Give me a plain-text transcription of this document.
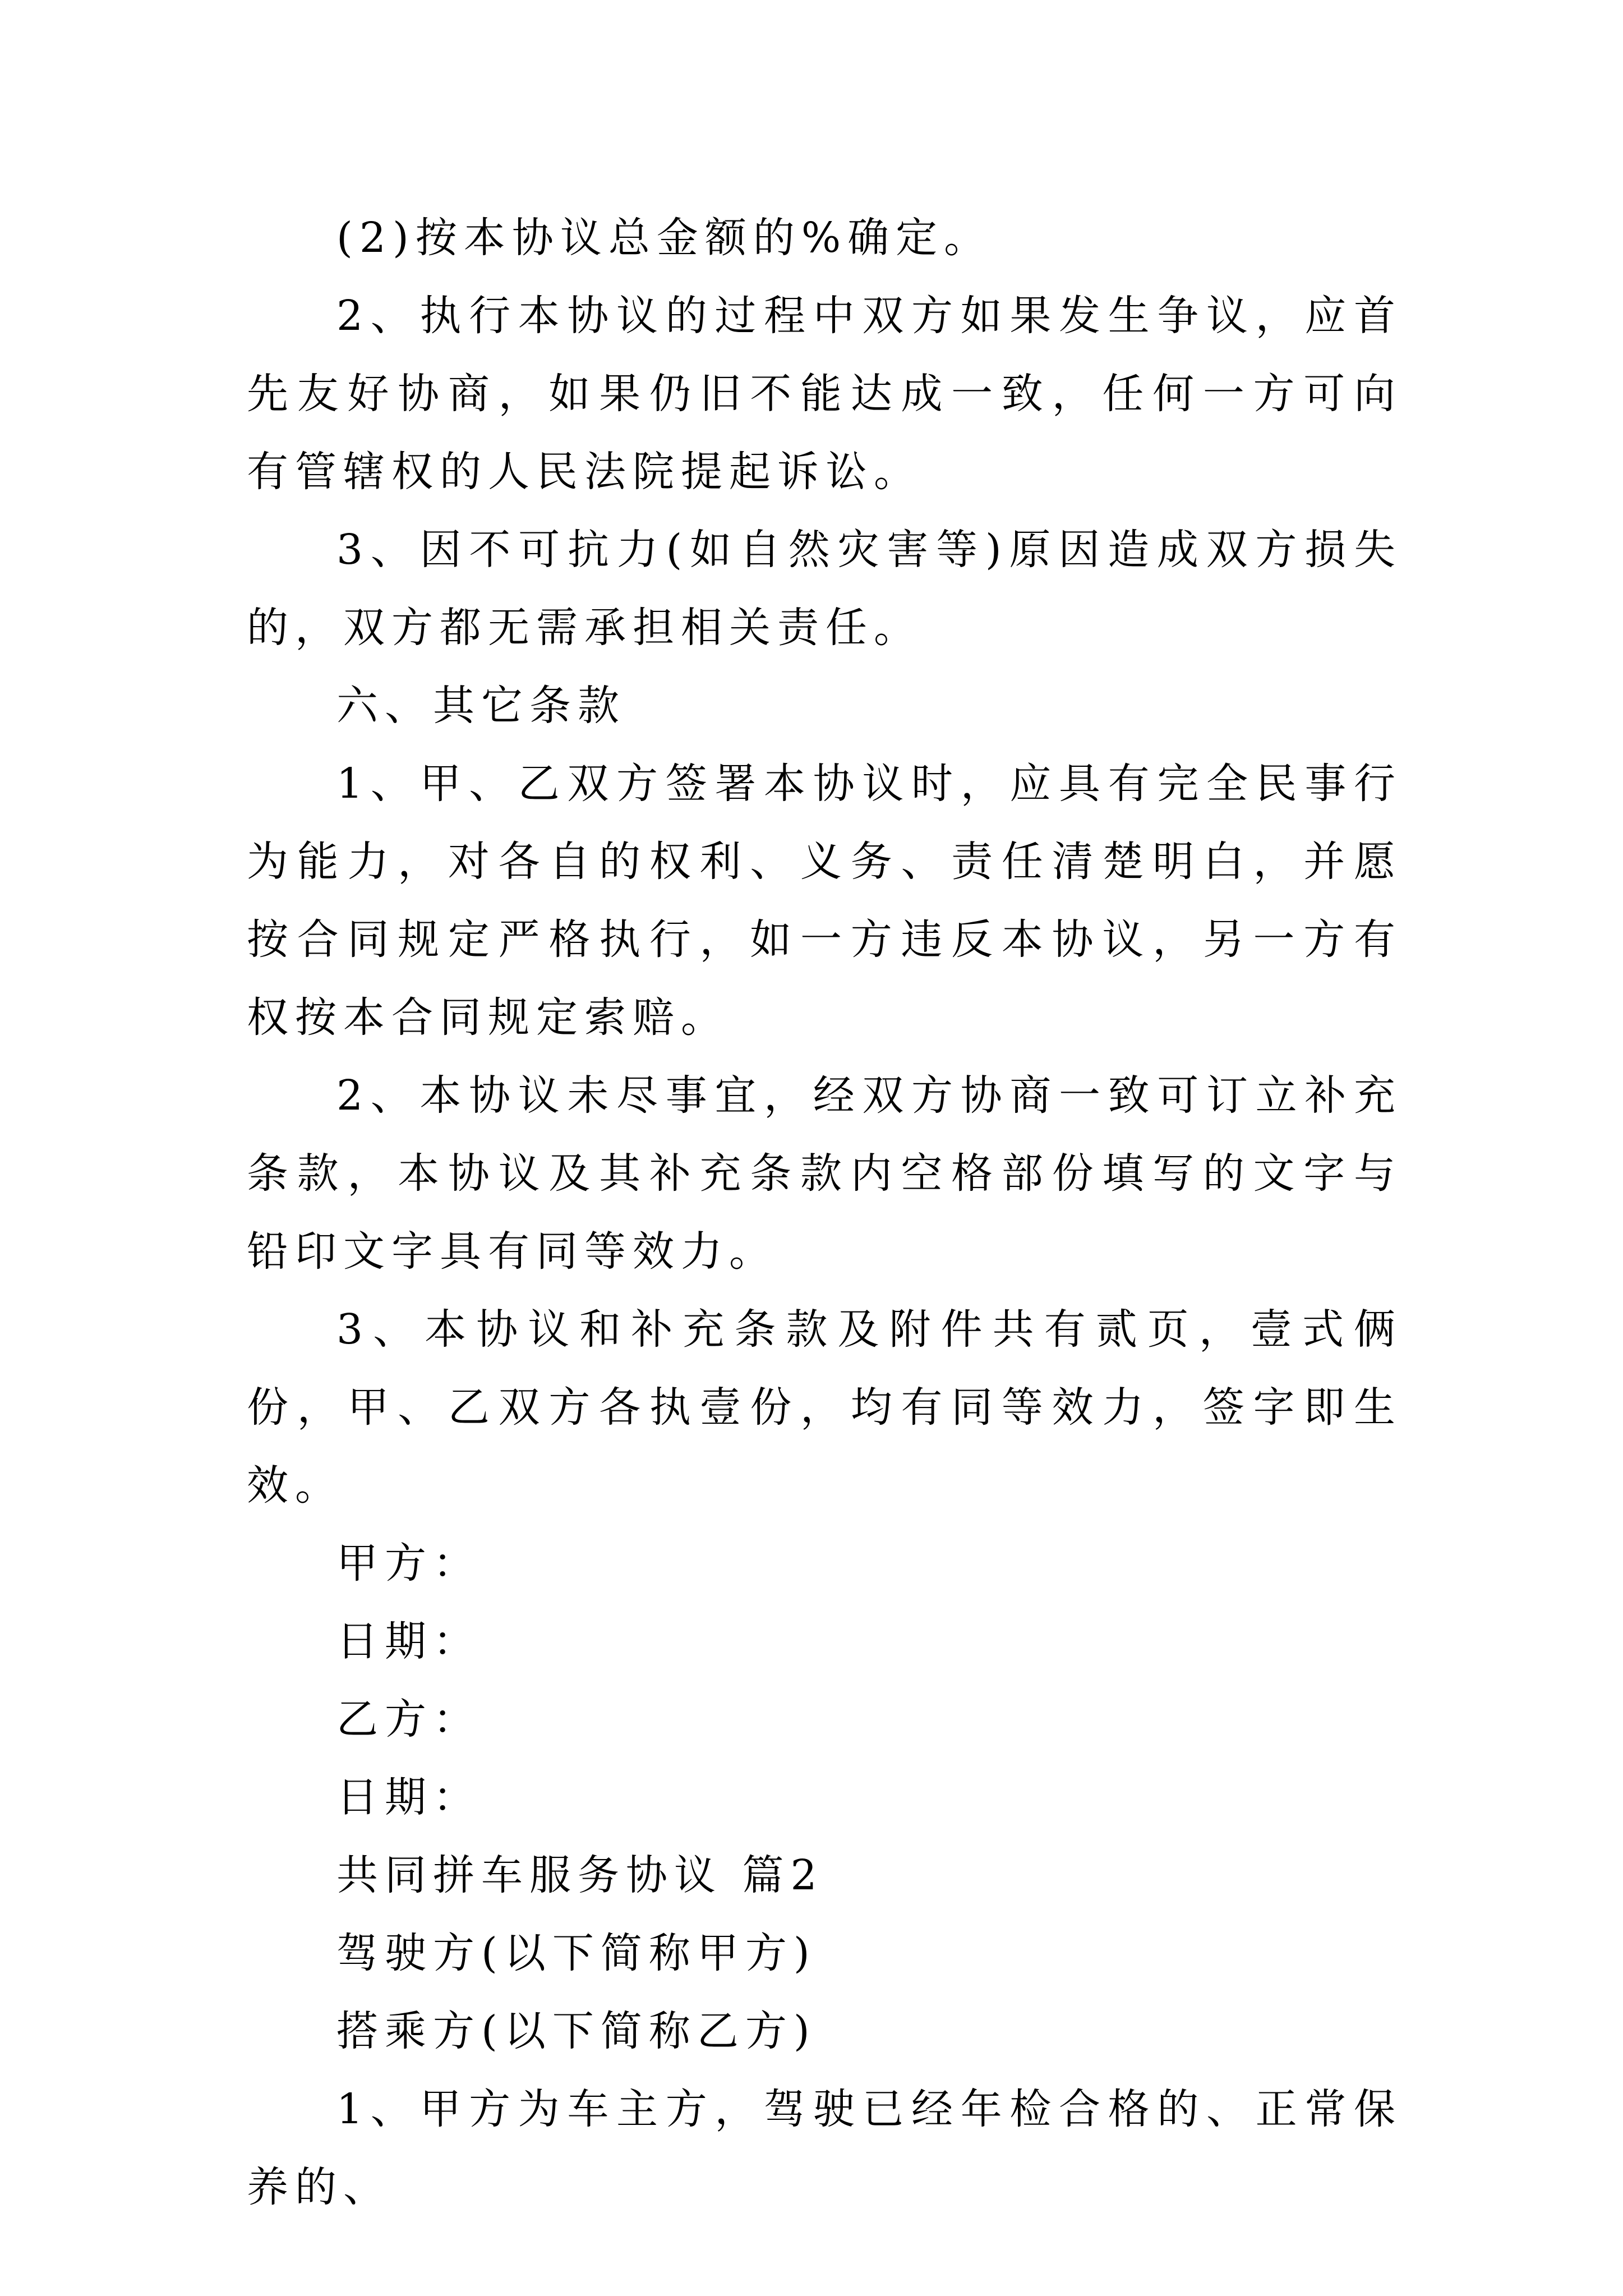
(2)按本协议总金额的%确定。

2、执行本协议的过程中双方如果发生争议，应首先友好协商，如果仍旧不能达成一致，任何一方可向有管辖权的人民法院提起诉讼。

3、因不可抗力(如自然灾害等)原因造成双方损失的，双方都无需承担相关责任。

六、其它条款

1、甲、乙双方签署本协议时，应具有完全民事行为能力，对各自的权利、义务、责任清楚明白，并愿按合同规定严格执行，如一方违反本协议，另一方有权按本合同规定索赔。

2、本协议未尽事宜，经双方协商一致可订立补充条款，本协议及其补充条款内空格部份填写的文字与铅印文字具有同等效力。

3、本协议和补充条款及附件共有贰页，壹式俩份，甲、乙双方各执壹份，均有同等效力，签字即生效。

甲方：

日期：

乙方：

日期：

共同拼车服务协议 篇2

驾驶方(以下简称甲方)

搭乘方(以下简称乙方)

1、甲方为车主方，驾驶已经年检合格的、正常保养的、
